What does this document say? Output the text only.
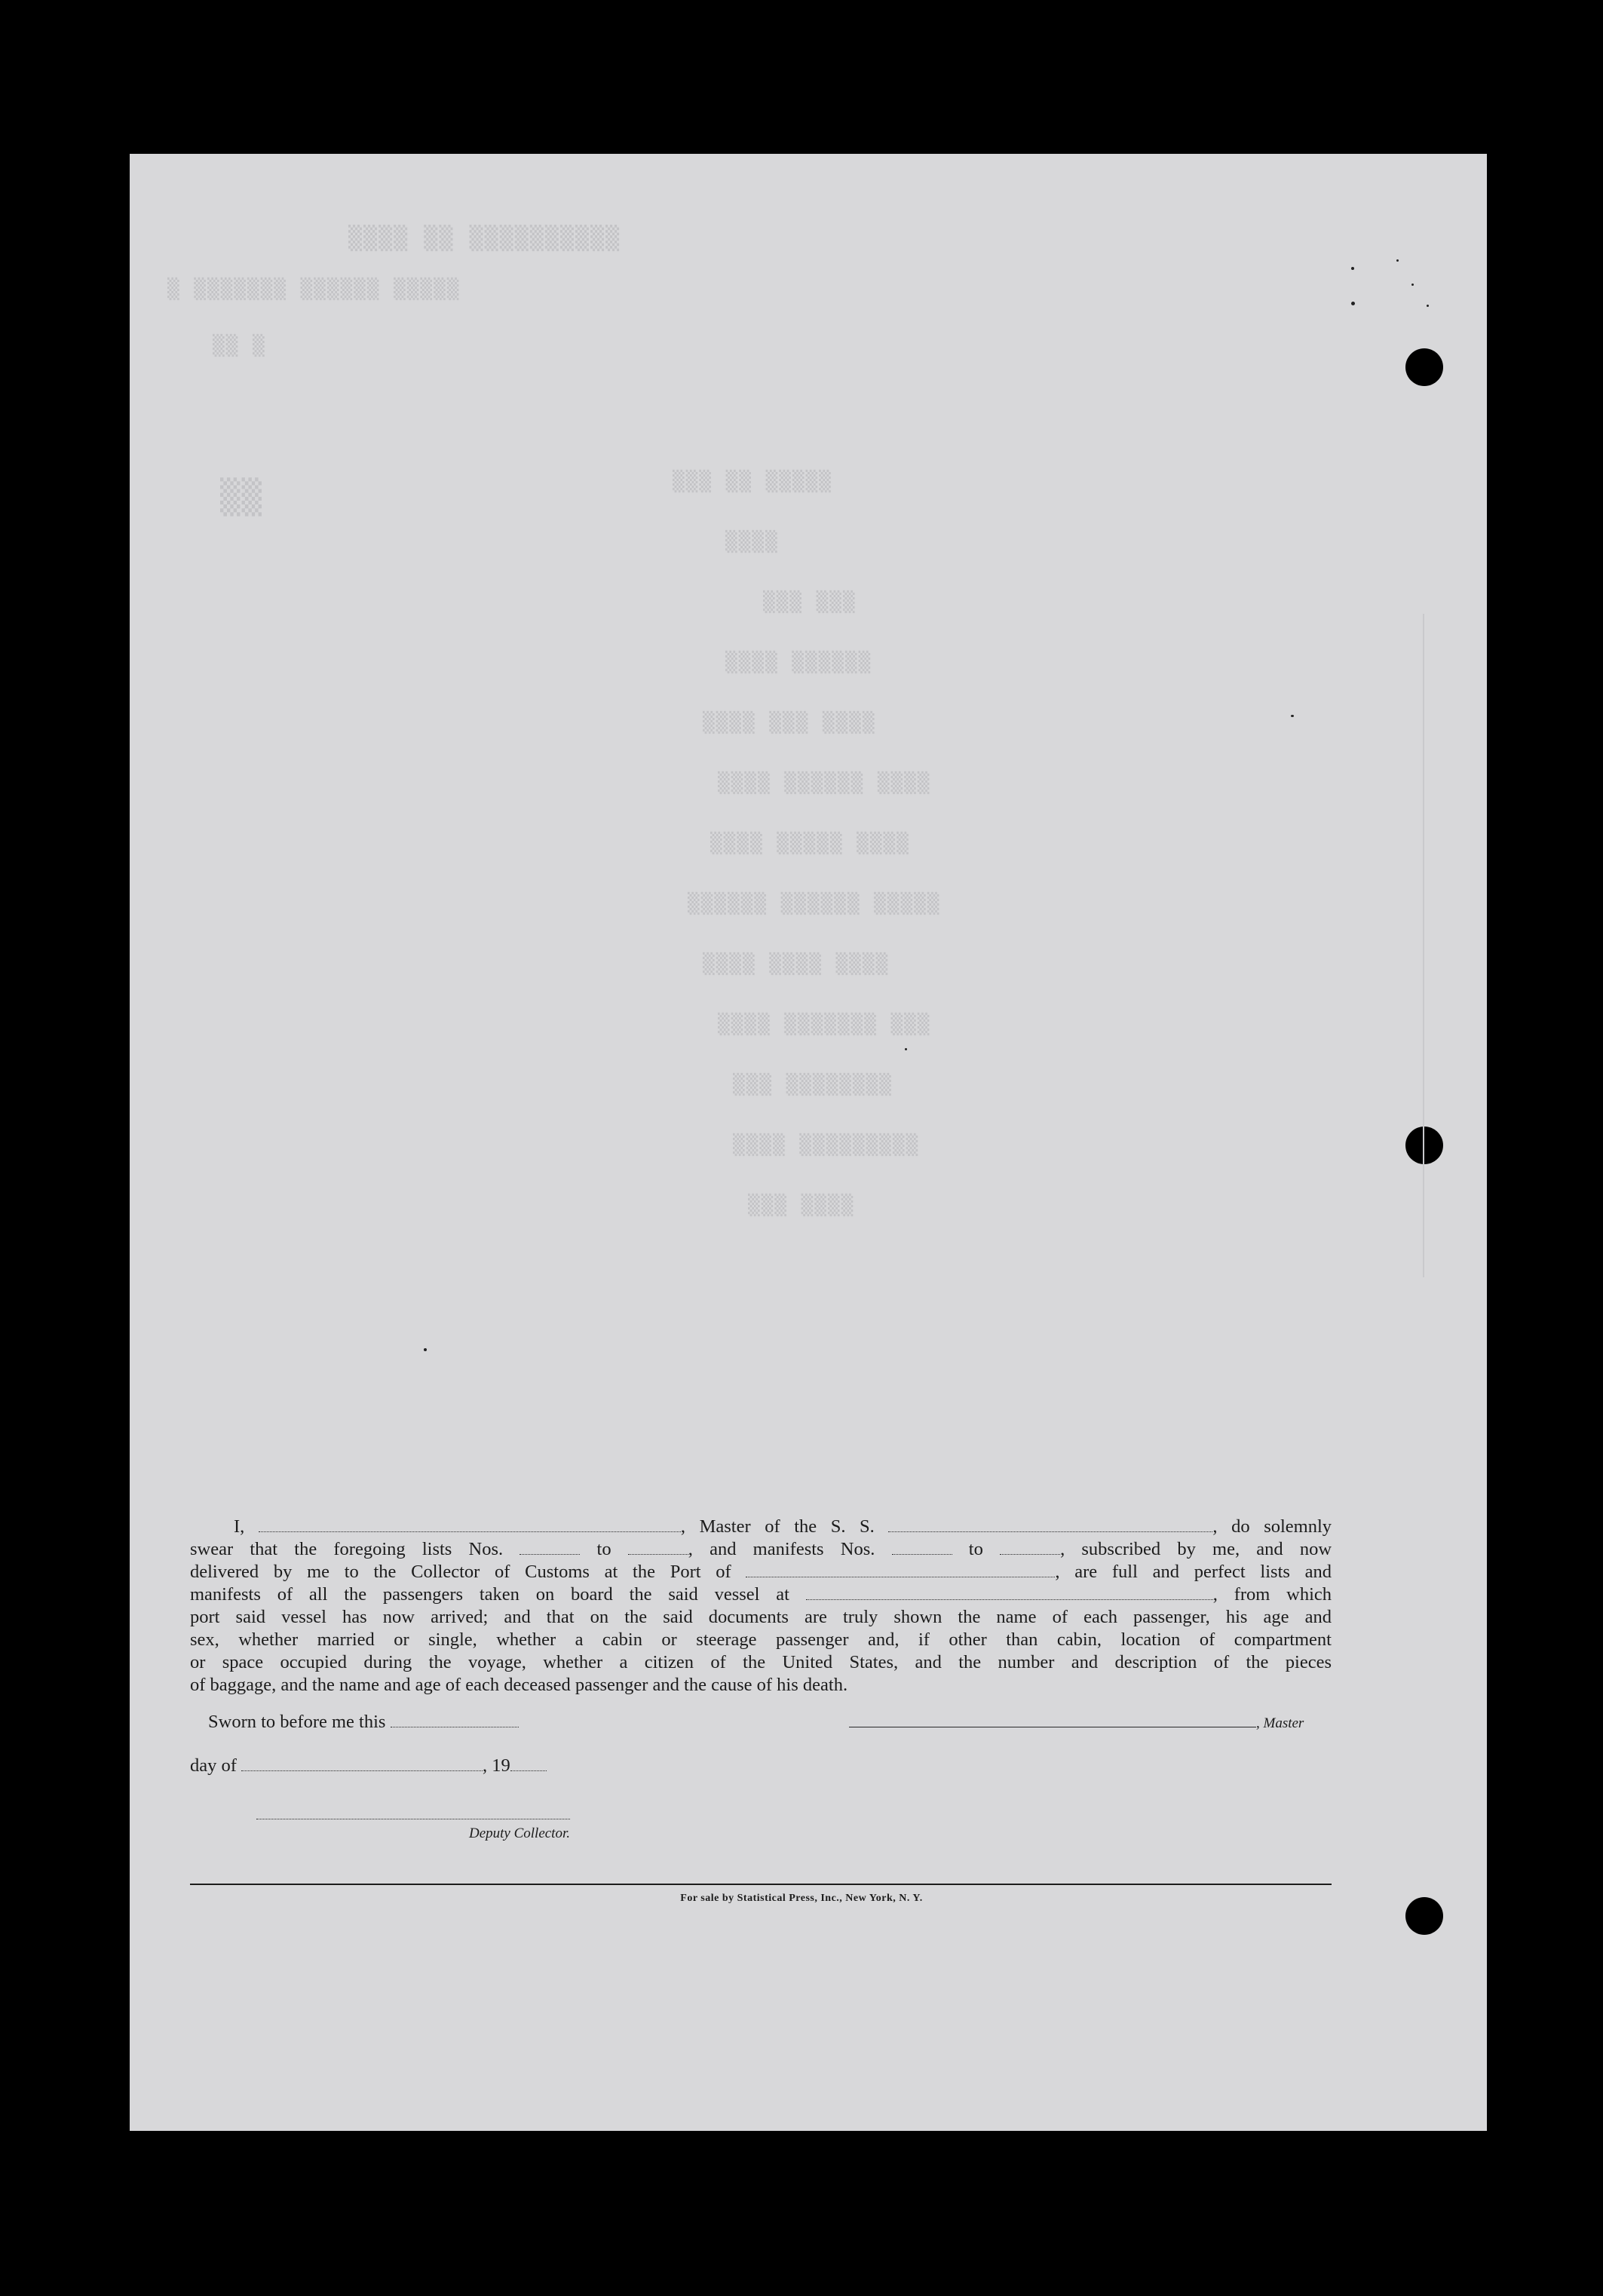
▒▒▒▒ ▒▒ ▒▒▒▒▒▒▒▒▒▒
▒ ▒▒▒▒▒▒▒ ▒▒▒▒▒▒ ▒▒▒▒▒
▒▒ ▒
▒▒	▒▒▒ ▒▒ ▒▒▒▒▒
▒▒▒▒
▒▒▒ ▒▒▒
▒▒▒▒ ▒▒▒▒▒▒
▒▒▒▒ ▒▒▒ ▒▒▒▒
▒▒▒▒ ▒▒▒▒▒▒ ▒▒▒▒
▒▒▒▒ ▒▒▒▒▒ ▒▒▒▒
▒▒▒▒▒▒ ▒▒▒▒▒▒ ▒▒▒▒▒
▒▒▒▒ ▒▒▒▒ ▒▒▒▒
▒▒▒▒ ▒▒▒▒▒▒▒ ▒▒▒
▒▒▒ ▒▒▒▒▒▒▒▒
▒▒▒▒ ▒▒▒▒▒▒▒▒▒
▒▒▒ ▒▒▒▒
I,	, Master of the S. S.	, do solemnly
swear that the foregoing lists Nos.	to	, and manifests Nos.	to	, subscribed by me, and now
delivered by me to the Collector of Customs at the Port of	, are full and perfect lists and
manifests of all the passengers taken on board the said vessel at	, from which
port said vessel has now arrived; and that on the said documents are truly shown the name of each passenger, his age and
sex, whether married or single, whether a cabin or steerage passenger and, if other than cabin, location of compartment
or space occupied during the voyage, whether a citizen of the United States, and the number and description of the pieces
of baggage, and the name and age of each deceased passenger and the cause of his death.
Sworn to before me this	, Master
day of	, 19
Deputy Collector.
For sale by Statistical Press, Inc., New York, N. Y.
